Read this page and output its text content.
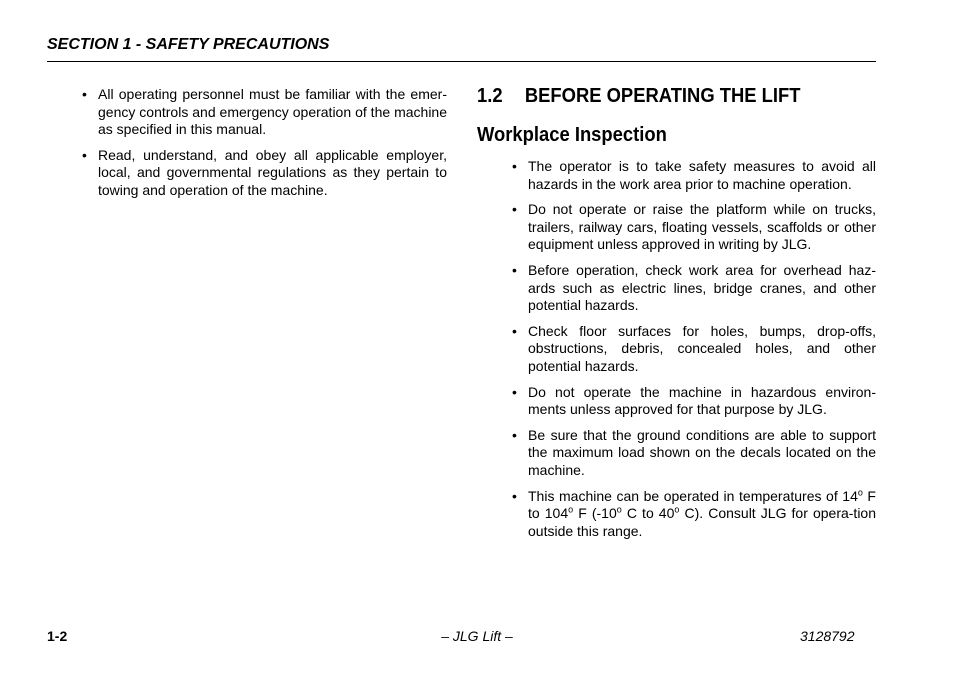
SECTION 1 - SAFETY PRECAUTIONS
• All operating personnel must be familiar with the emer-gency controls and emergency operation of the machine as specified in this manual.
• Read, understand, and obey all applicable employer, local, and governmental regulations as they pertain to towing and operation of the machine.
1.2 BEFORE OPERATING THE LIFT
Workplace Inspection
• The operator is to take safety measures to avoid all hazards in the work area prior to machine operation.
• Do not operate or raise the platform while on trucks, trailers, railway cars, floating vessels, scaffolds or other equipment unless approved in writing by JLG.
• Before operation, check work area for overhead haz-ards such as electric lines, bridge cranes, and other potential hazards.
• Check floor surfaces for holes, bumps, drop-offs, obstructions, debris, concealed holes, and other potential hazards.
• Do not operate the machine in hazardous environ-ments unless approved for that purpose by JLG.
• Be sure that the ground conditions are able to support the maximum load shown on the decals located on the machine.
• This machine can be operated in temperatures of 14$^o$ F to 104$^o$ F (-10$^o$ C to 40$^o$ C). Consult JLG for opera-tion outside this range.
1-2	– JLG Lift –	3128792
